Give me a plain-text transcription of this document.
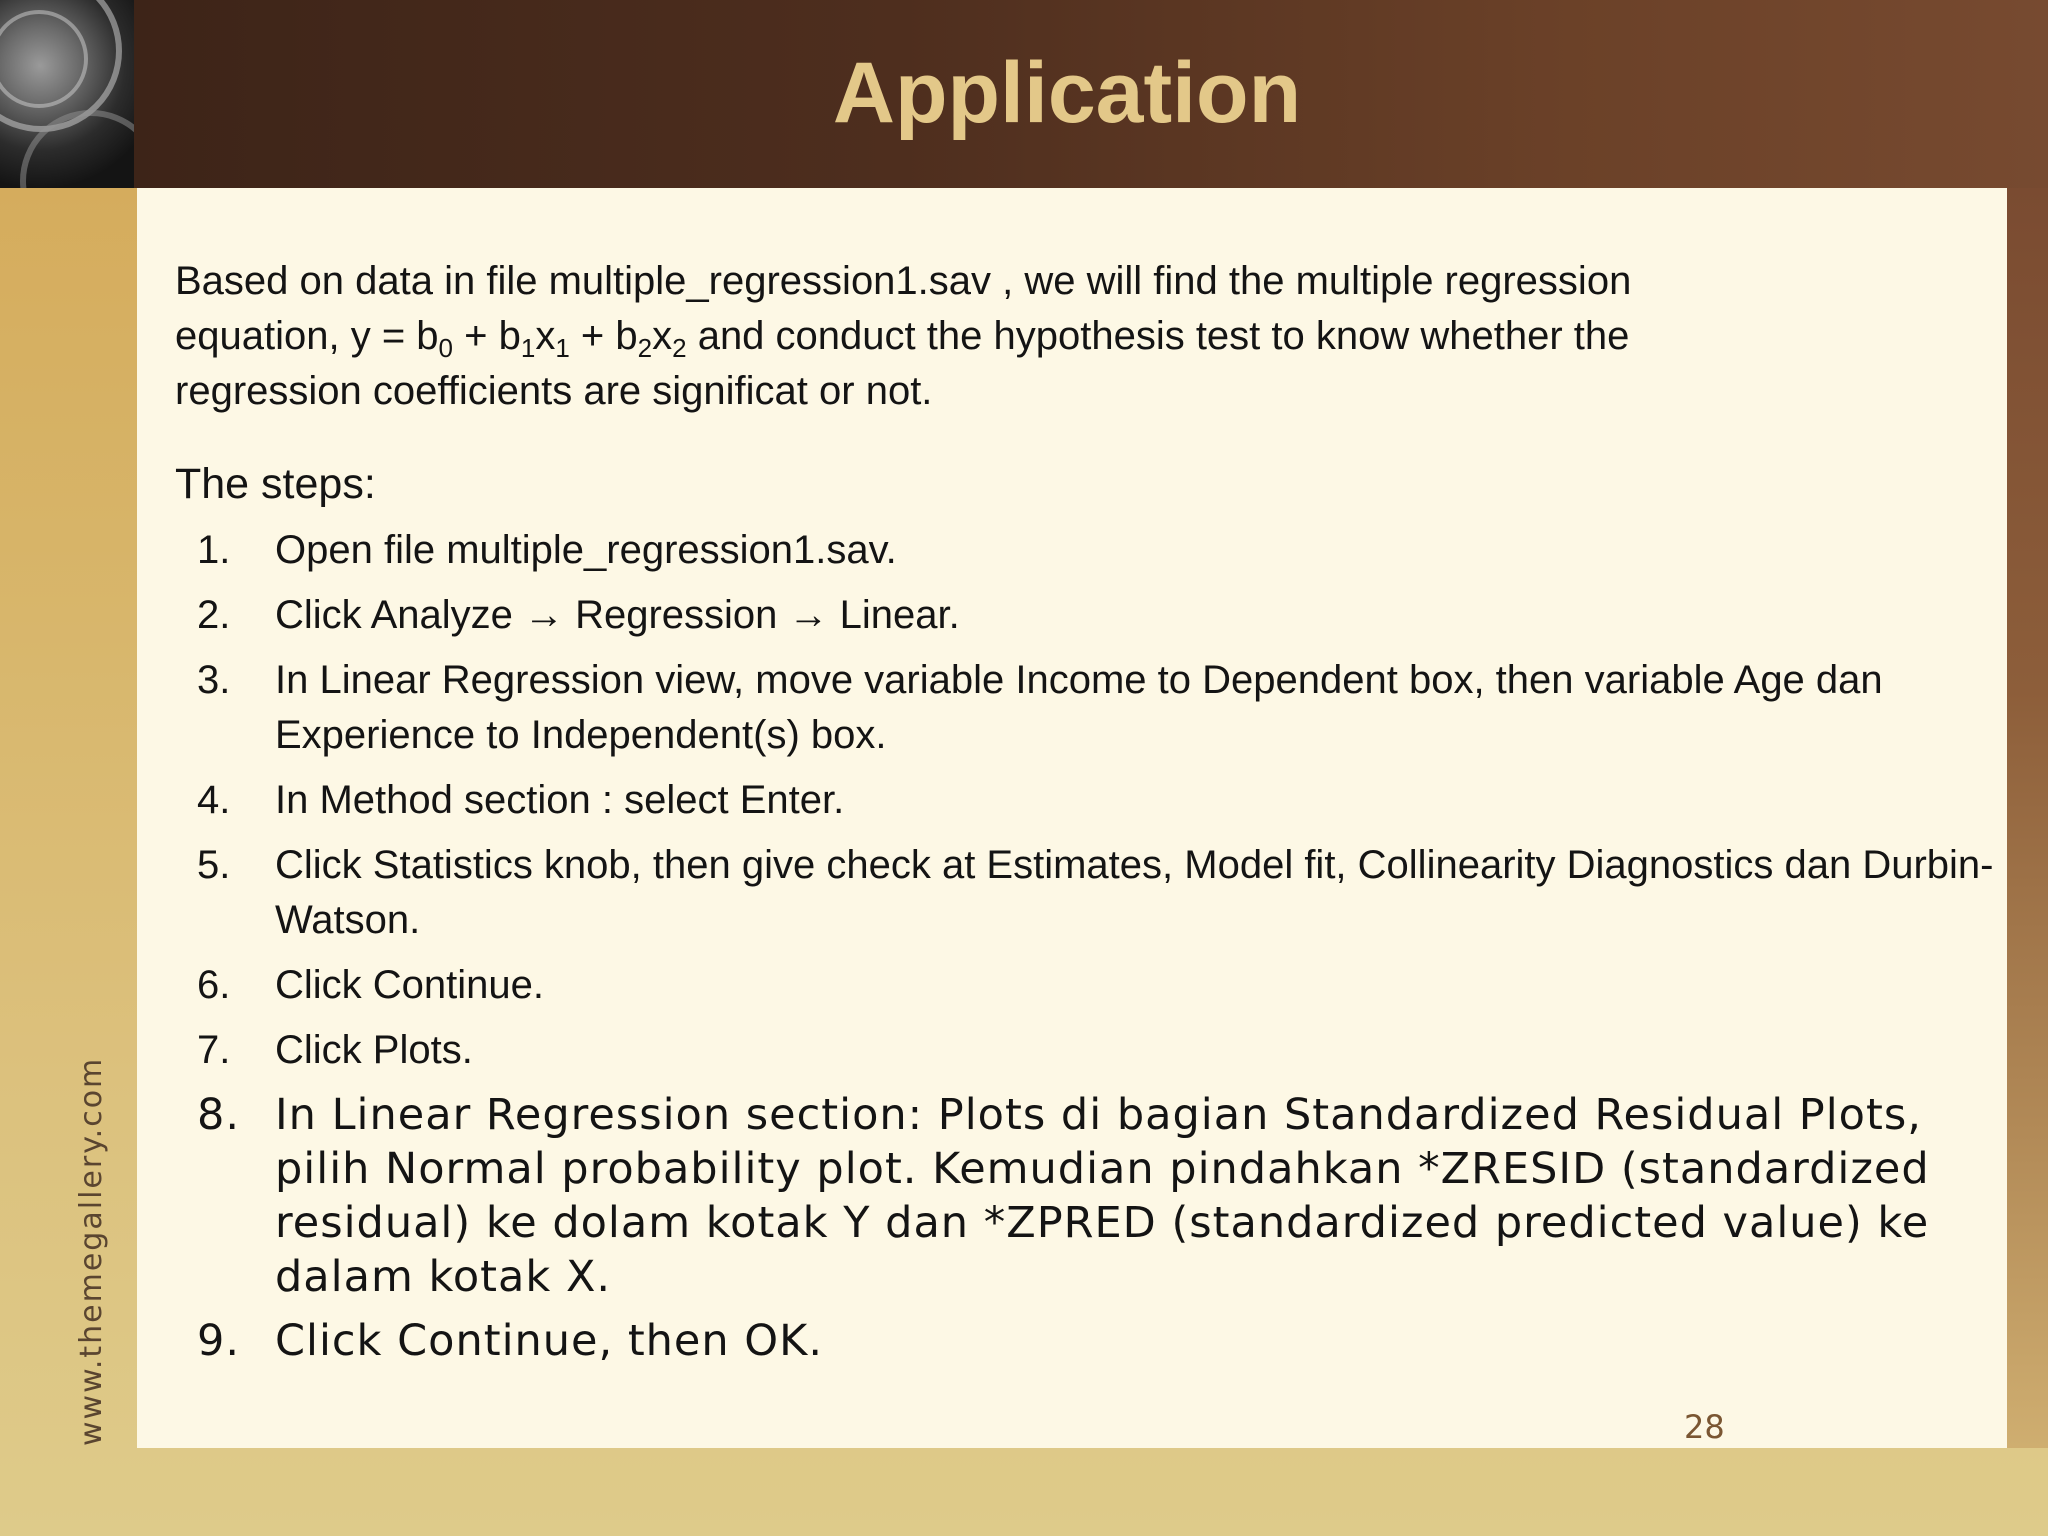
Application
Based on data in file multiple_regression1.sav , we will find the multiple regression
equation, $y = b_0 + b_1x_1 + b_2x_2$ and conduct the hypothesis test to know whether the
regression coefficients are significat or not.
The steps:
1. Open file multiple_regression1.sav.
2. Click Analyze → Regression → Linear.
3. In Linear Regression view, move variable Income to Dependent box, then variable Age dan Experience to Independent(s) box.
4. In Method section : select Enter.
5. Click Statistics knob, then give check at Estimates, Model fit, Collinearity Diagnostics dan Durbin-Watson.
6. Click Continue.
7. Click Plots.
8. In Linear Regression section: Plots di bagian Standardized Residual Plots, pilih Normal probability plot. Kemudian pindahkan *ZRESID (standardized residual) ke dolam kotak Y dan *ZPRED (standardized predicted value) ke dalam kotak X.
9. Click Continue, then OK.
www.themegallery.com	28
